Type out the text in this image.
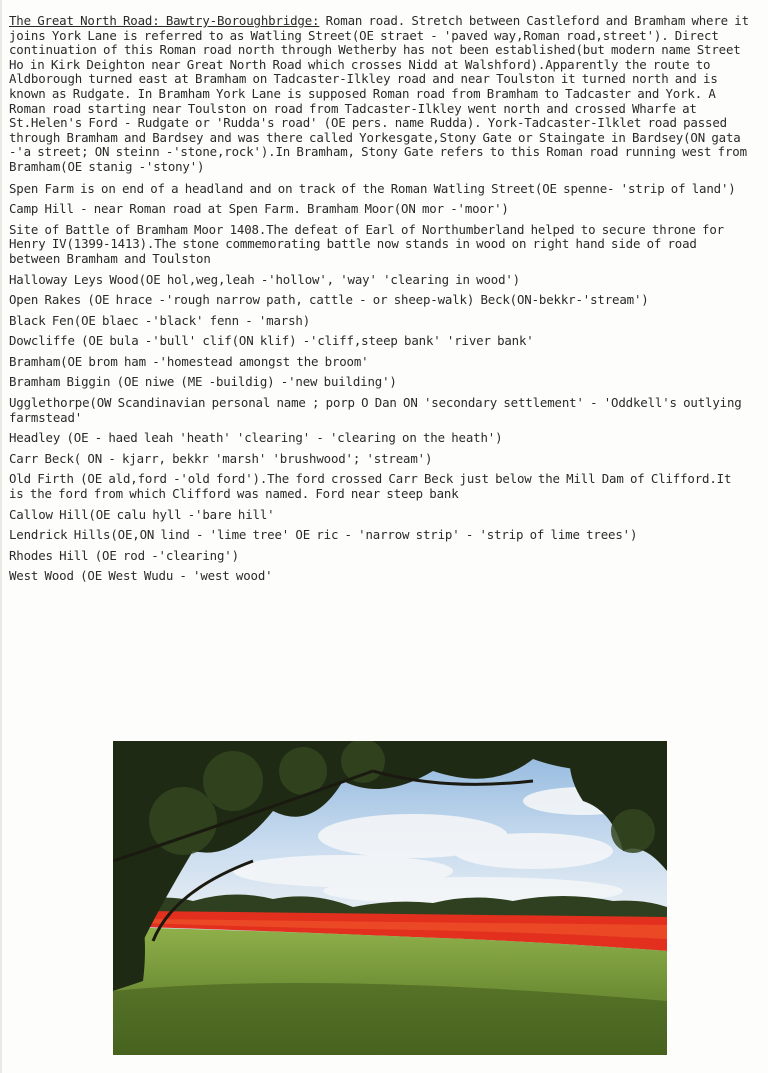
The Great North Road: Bawtry-Boroughbridge: Roman road. Stretch between Castleford and Bramham where it joins York Lane is referred to as Watling Street(OE straet - 'paved way,Roman road,street'). Direct continuation of this Roman road north through Wetherby has not been established(but modern name Street Ho in Kirk Deighton near Great North Road which crosses Nidd at Walshford).Apparently the route to Aldborough turned east at Bramham on Tadcaster-Ilkley road and near Toulston it turned north and is known as Rudgate. In Bramham York Lane is supposed Roman road from Bramham to Tadcaster and York. A Roman road starting near Toulston on road from Tadcaster-Ilkley went north and crossed Wharfe at St.Helen's Ford - Rudgate or 'Rudda's road' (OE pers. name Rudda). York-Tadcaster-Ilklet road passed through Bramham and Bardsey and was there called Yorkesgate,Stony Gate or Staingate in Bardsey(ON gata -'a street; ON steinn -'stone,rock').In Bramham, Stony Gate refers to this Roman road running west from Bramham(OE stanig -'stony')

Spen Farm is on end of a headland and on track of the Roman Watling Street(OE spenne- 'strip of land')

Camp Hill - near Roman road at Spen Farm. Bramham Moor(ON mor -'moor')

Site of Battle of Bramham Moor 1408.The defeat of Earl of Northumberland helped to secure throne for Henry IV(1399-1413).The stone commemorating battle now stands in wood on right hand side of road between Bramham and Toulston

Halloway Leys Wood(OE hol,weg,leah -'hollow', 'way' 'clearing in wood')

Open Rakes (OE hrace -'rough narrow path, cattle - or sheep-walk) Beck(ON-bekkr-'stream')

Black Fen(OE blaec -'black' fenn - 'marsh)

Dowcliffe (OE bula -'bull' clif(ON klif) -'cliff,steep bank' 'river bank'

Bramham(OE brom ham -'homestead amongst the broom'

Bramham Biggin (OE niwe (ME -buildig) -'new building')

Ugglethorpe(OW Scandinavian personal name ; porp O Dan ON 'secondary settlement' - 'Oddkell's outlying farmstead'

Headley (OE - haed leah 'heath' 'clearing' - 'clearing on the heath')

Carr Beck( ON - kjarr, bekkr 'marsh' 'brushwood'; 'stream')

Old Firth (OE ald,ford -'old ford').The ford crossed Carr Beck just below the Mill Dam of Clifford.It is the ford from which Clifford was named. Ford near steep bank

Callow Hill(OE calu hyll -'bare hill'

Lendrick Hills(OE,ON lind - 'lime tree' OE ric - 'narrow strip' - 'strip of lime trees')

Rhodes Hill (OE rod -'clearing')

West Wood (OE West Wudu - 'west wood'
